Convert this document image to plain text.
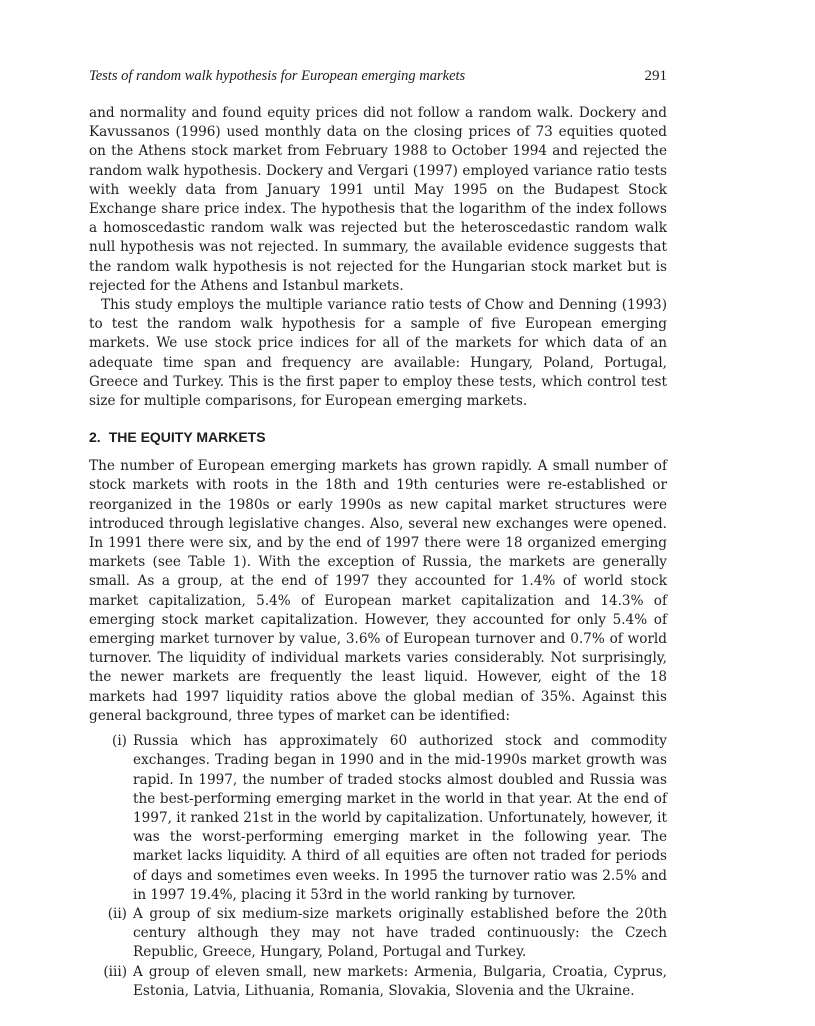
Tests of random walk hypothesis for European emerging markets	291

and normality and found equity prices did not follow a random walk. Dockery and Kavussanos (1996) used monthly data on the closing prices of 73 equities quoted on the Athens stock market from February 1988 to October 1994 and rejected the random walk hypothesis. Dockery and Vergari (1997) employed variance ratio tests with weekly data from January 1991 until May 1995 on the Budapest Stock Exchange share price index. The hypothesis that the logarithm of the index follows a homoscedastic random walk was rejected but the heteroscedastic random walk null hypothesis was not rejected. In summary, the available evidence suggests that the random walk hypothesis is not rejected for the Hungarian stock market but is rejected for the Athens and Istanbul markets.

This study employs the multiple variance ratio tests of Chow and Denning (1993) to test the random walk hypothesis for a sample of five European emerging markets. We use stock price indices for all of the markets for which data of an adequate time span and frequency are available: Hungary, Poland, Portugal, Greece and Turkey. This is the first paper to employ these tests, which control test size for multiple comparisons, for European emerging markets.

2. THE EQUITY MARKETS

The number of European emerging markets has grown rapidly. A small number of stock markets with roots in the 18th and 19th centuries were re-established or reorganized in the 1980s or early 1990s as new capital market structures were introduced through legislative changes. Also, several new exchanges were opened. In 1991 there were six, and by the end of 1997 there were 18 organized emerging markets (see Table 1). With the exception of Russia, the markets are generally small. As a group, at the end of 1997 they accounted for 1.4% of world stock market capitalization, 5.4% of European market capitalization and 14.3% of emerging stock market capitalization. However, they accounted for only 5.4% of emerging market turnover by value, 3.6% of European turnover and 0.7% of world turnover. The liquidity of individual markets varies considerably. Not surprisingly, the newer markets are frequently the least liquid. However, eight of the 18 markets had 1997 liquidity ratios above the global median of 35%. Against this general background, three types of market can be identified:

(i) Russia which has approximately 60 authorized stock and commodity exchanges. Trading began in 1990 and in the mid-1990s market growth was rapid. In 1997, the number of traded stocks almost doubled and Russia was the best-performing emerging market in the world in that year. At the end of 1997, it ranked 21st in the world by capitalization. Unfortunately, however, it was the worst-performing emerging market in the following year. The market lacks liquidity. A third of all equities are often not traded for periods of days and sometimes even weeks. In 1995 the turnover ratio was 2.5% and in 1997 19.4%, placing it 53rd in the world ranking by turnover.
(ii) A group of six medium-size markets originally established before the 20th century although they may not have traded continuously: the Czech Republic, Greece, Hungary, Poland, Portugal and Turkey.
(iii) A group of eleven small, new markets: Armenia, Bulgaria, Croatia, Cyprus, Estonia, Latvia, Lithuania, Romania, Slovakia, Slovenia and the Ukraine.
